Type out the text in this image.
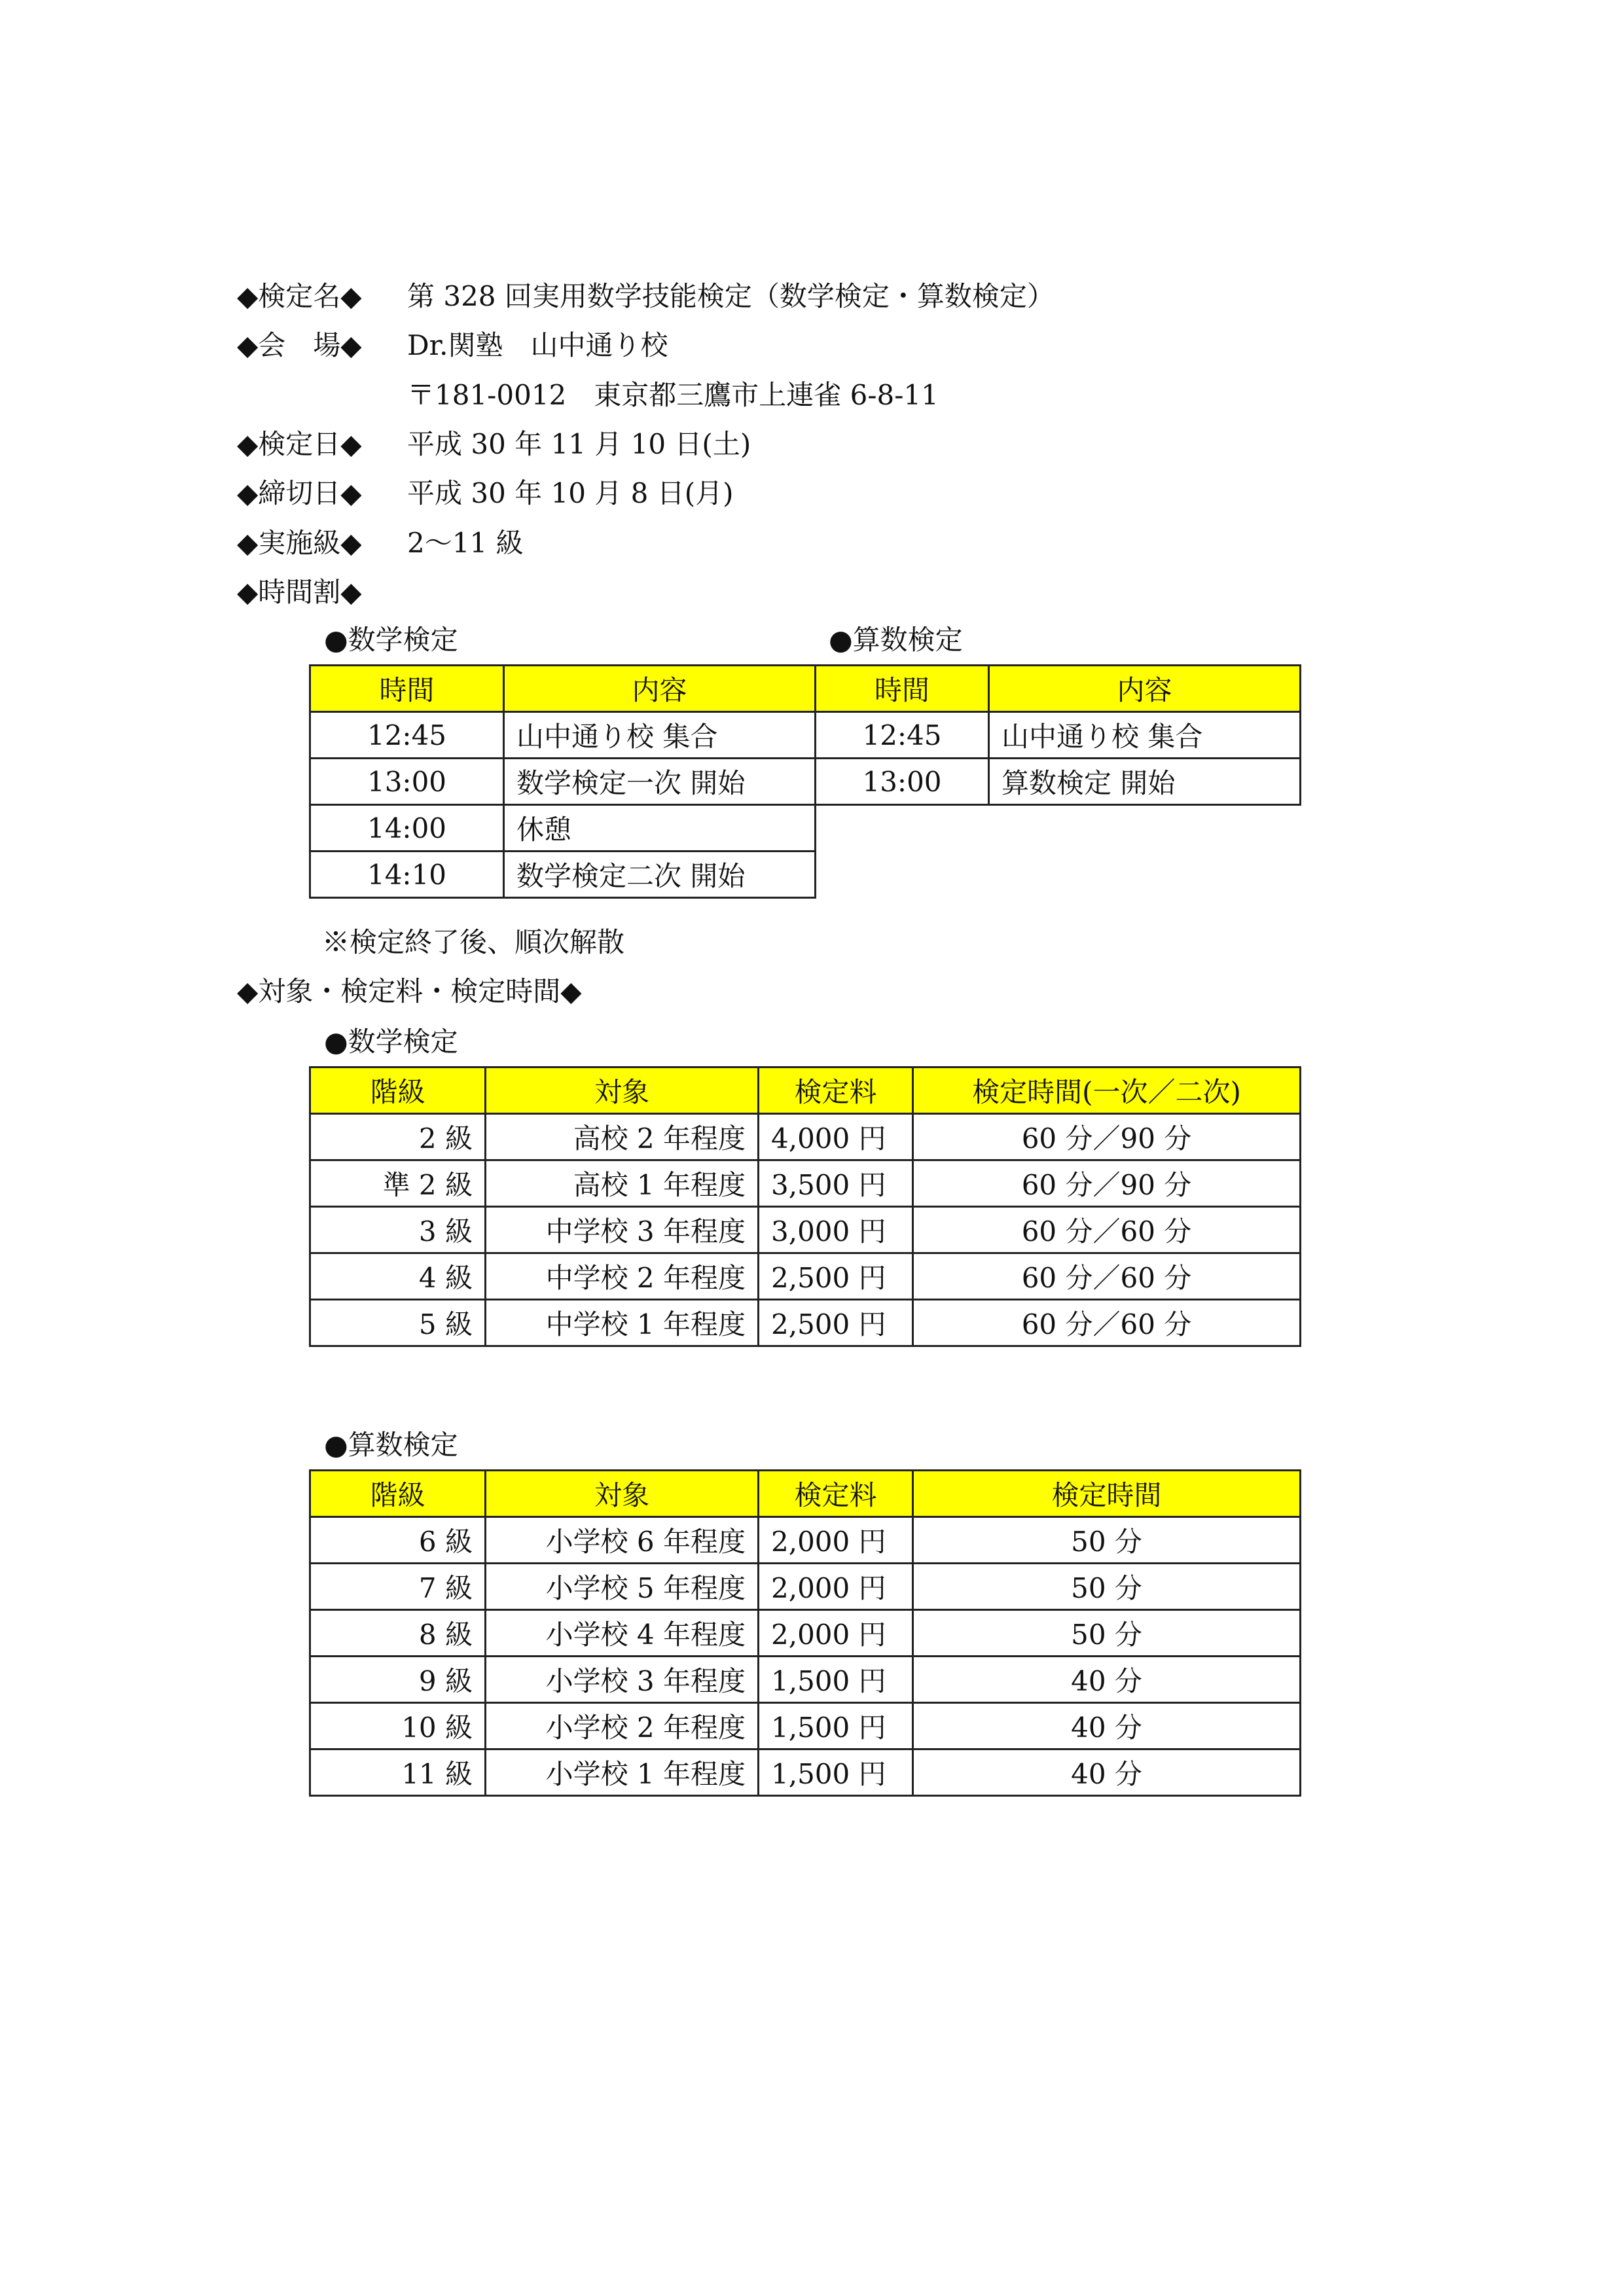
◆検定名◆ 第 328 回実用数学技能検定（数学検定・算数検定）
◆会　場◆ Dr.関塾　山中通り校
〒181-0012　東京都三鷹市上連雀 6-8-11
◆検定日◆ 平成 30 年 11 月 10 日(土)
◆締切日◆ 平成 30 年 10 月 8 日(月)
◆実施級◆ 2〜11 級
◆時間割◆
●数学検定	●算数検定
時間	内容
12:45	山中通り校 集合
13:00	数学検定一次 開始
14:00	休憩
14:10	数学検定二次 開始
時間	内容
12:45	山中通り校 集合
13:00	算数検定 開始
※検定終了後、順次解散
◆対象・検定料・検定時間◆
●数学検定
階級	対象	検定料	検定時間(一次／二次)
2 級	高校 2 年程度	4,000 円	60 分／90 分
準 2 級	高校 1 年程度	3,500 円	60 分／90 分
3 級	中学校 3 年程度	3,000 円	60 分／60 分
4 級	中学校 2 年程度	2,500 円	60 分／60 分
5 級	中学校 1 年程度	2,500 円	60 分／60 分
●算数検定
階級	対象	検定料	検定時間
6 級	小学校 6 年程度	2,000 円	50 分
7 級	小学校 5 年程度	2,000 円	50 分
8 級	小学校 4 年程度	2,000 円	50 分
9 級	小学校 3 年程度	1,500 円	40 分
10 級	小学校 2 年程度	1,500 円	40 分
11 級	小学校 1 年程度	1,500 円	40 分
